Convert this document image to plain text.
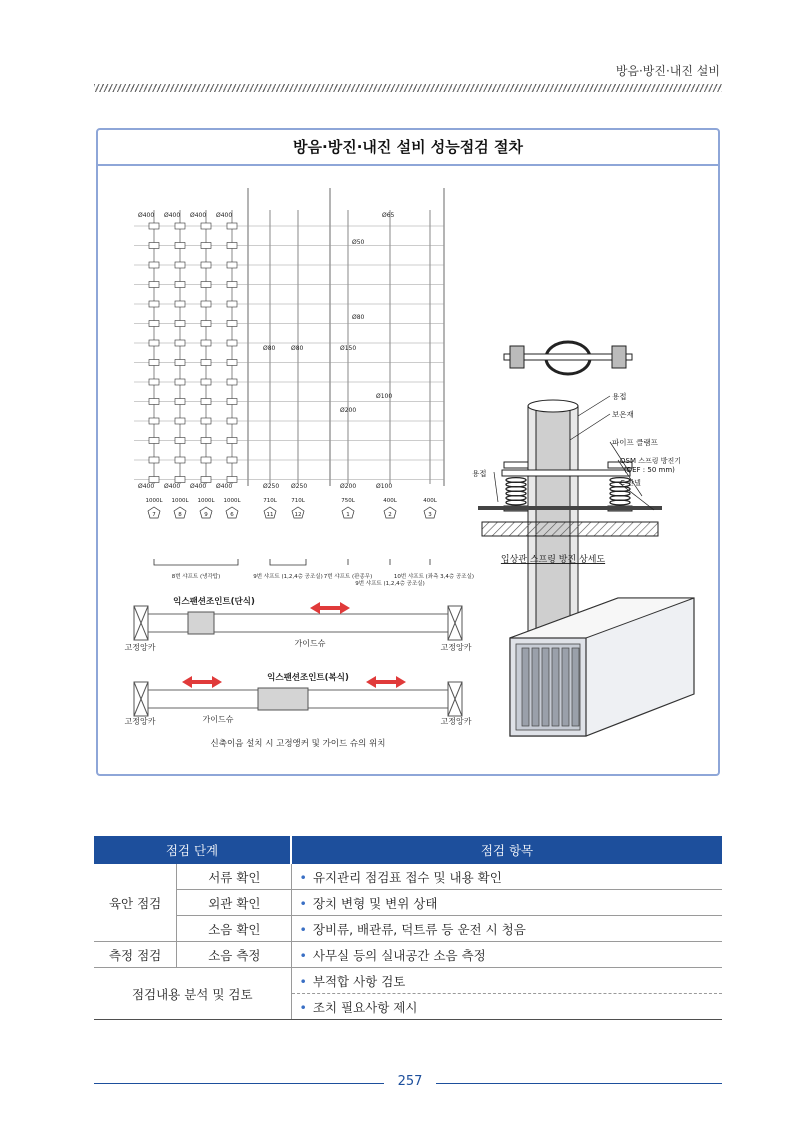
방음·방진·내진 설비
방음·방진·내진 설비 성능점검 절차
Ø400 Ø400 Ø400 Ø400
Ø400 Ø400 Ø400 Ø400
Ø80	Ø80
Ø250 Ø250
Ø65
Ø50
Ø80
Ø150
Ø100
Ø200
Ø100
Ø200
1000L
7
1000L
8
1000L
9
1000L
6
710L
11
710L
12
750L
1
400L
2
400L
3
8번 샤프트 (냉각탑)	9번 샤프트 (1,2,4층 공조실) 7번 샤프트 (판종무)
9번 샤프트 (1,2,4층 공조실)
10번 샤프트 (좌측 3,4층 공조실)
용접
보온재
파이프 클램프
OSM 스프링 방진기
(DEF : 50 mm)
C-찬넬
용접
입상관 스프링 방진 상세도
익스팬션조인트(단식)
익스팬션조인트(복식)
가이드슈
가이드슈
고정앙카	고정앙카
고정앙카	고정앙카
신축이음 설치 시 고정앵커 및 가이드 슈의 위치
점검 단계		점검 항목
육안 점검	서류 확인	• 유지관리 점검표 접수 및 내용 확인
	외관 확인	• 장치 변형 및 변위 상태
	소음 확인	• 장비류, 배관류, 덕트류 등 운전 시 청음
측정 점검	소음 측정	• 사무실 등의 실내공간 소음 측정
점검내용 분석 및 검토		• 부적합 사항 검토
		• 조치 필요사항 제시
257
